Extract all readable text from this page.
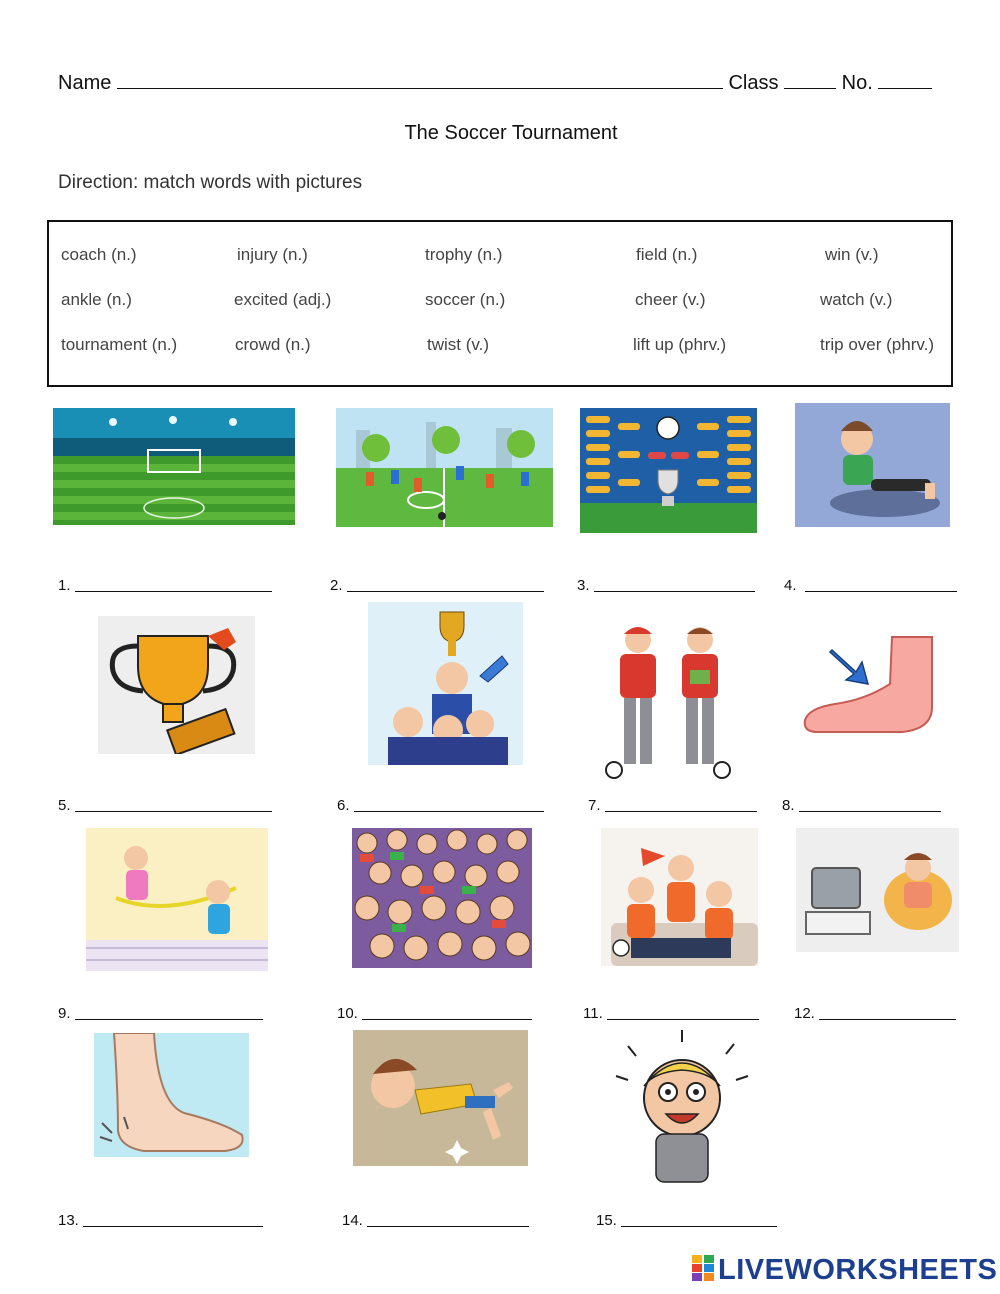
Name	Class	No.
The Soccer Tournament
Direction: match words with pictures
coach (n.)	injury (n.)	trophy (n.)	field (n.)	win (v.)
ankle (n.)	excited (adj.)	soccer (n.)	cheer (v.)	watch (v.)
tournament (n.)	crowd (n.)	twist (v.)	lift up (phrv.)	trip over (phrv.)
1.	2.	3.	4.
5.	6.	7.	8.
9.	10.	11.	12.
13.	14.	15.
LIVEWORKSHEETS
